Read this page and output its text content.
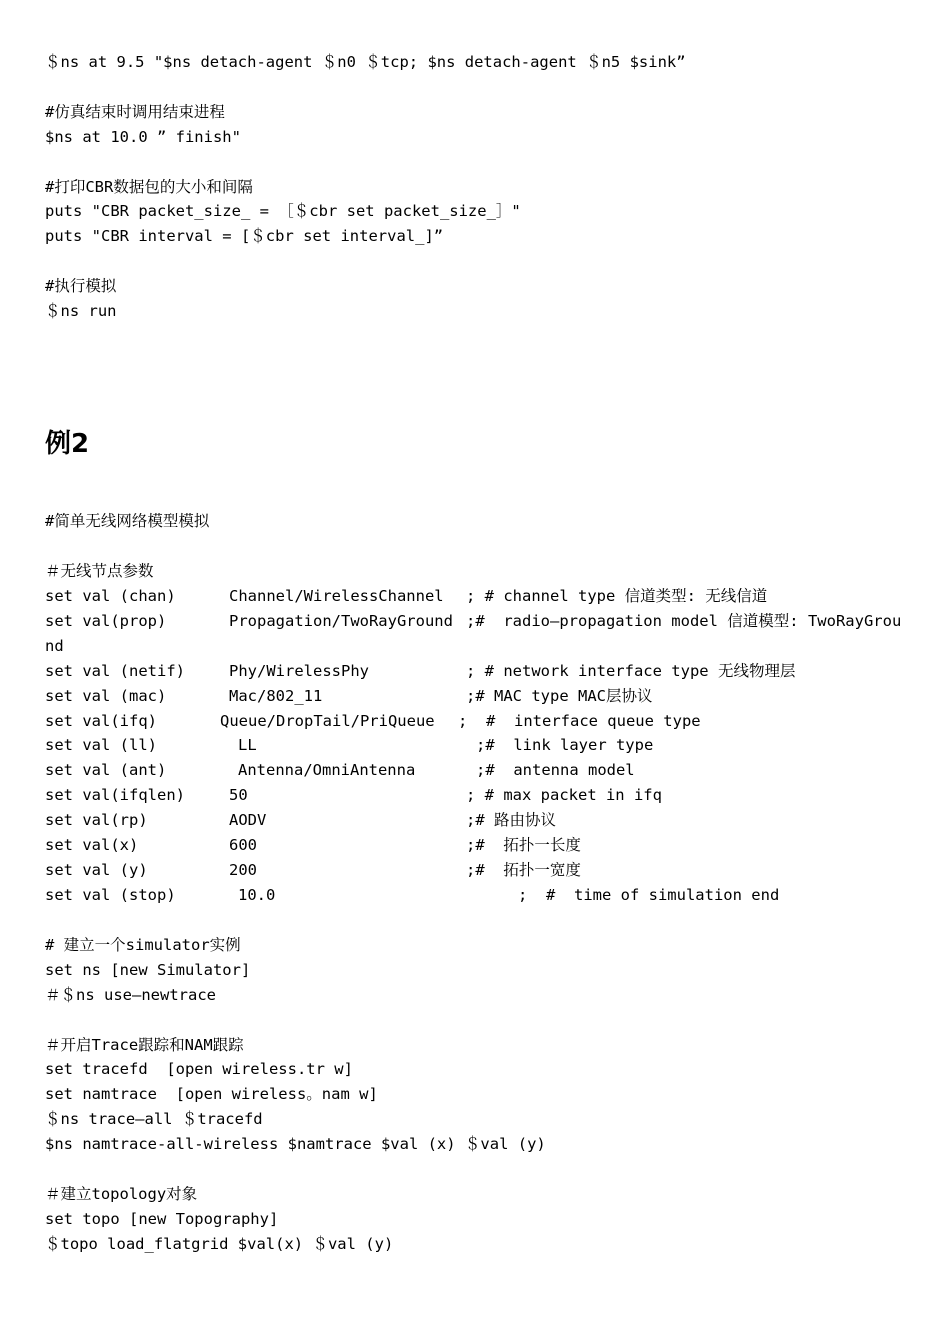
＄ns at 9.5 "$ns detach-agent ＄n0 ＄tcp; $ns detach-agent ＄n5 $sink”
#仿真结束时调用结束进程
$ns at 10.0 ” finish"
#打印CBR数据包的大小和间隔
puts "CBR packet_size_ = ［＄cbr set packet_size_］"
puts "CBR interval = [＄cbr set interval_]”
#执行模拟
＄ns run
例2
#简单无线网络模型模拟
＃无线节点参数
set val (chan)	Channel/WirelessChannel ; # channel type 信道类型: 无线信道
set val(prop)	Propagation/TwoRayGround ;#  radio—propagation model 信道模型: TwoRayGrou
nd
set val (netif)	Phy/WirelessPhy	; # network interface type 无线物理层
set val (mac)	Mac/802_11	;# MAC type MAC层协议
set val(ifq)	Queue/DropTail/PriQueue ;  #  interface queue type
set val (ll)	LL	;#  link layer type
set val (ant)	Antenna/OmniAntenna	;#  antenna model
set val(ifqlen)	50	; # max packet in ifq
set val(rp)	AODV	;# 路由协议
set val(x)	600	;#  拓扑一长度
set val (y)	200	;#  拓扑一宽度
set val (stop)	10.0	;  #  time of simulation end
# 建立一个simulator实例
set ns [new Simulator]
＃＄ns use—newtrace
＃开启Trace跟踪和NAM跟踪
set tracefd  [open wireless.tr w]
set namtrace  [open wireless。nam w]
＄ns trace—all ＄tracefd
$ns namtrace-all-wireless $namtrace $val (x) ＄val (y)
＃建立topology对象
set topo [new Topography]
＄topo load_flatgrid $val(x) ＄val (y)
